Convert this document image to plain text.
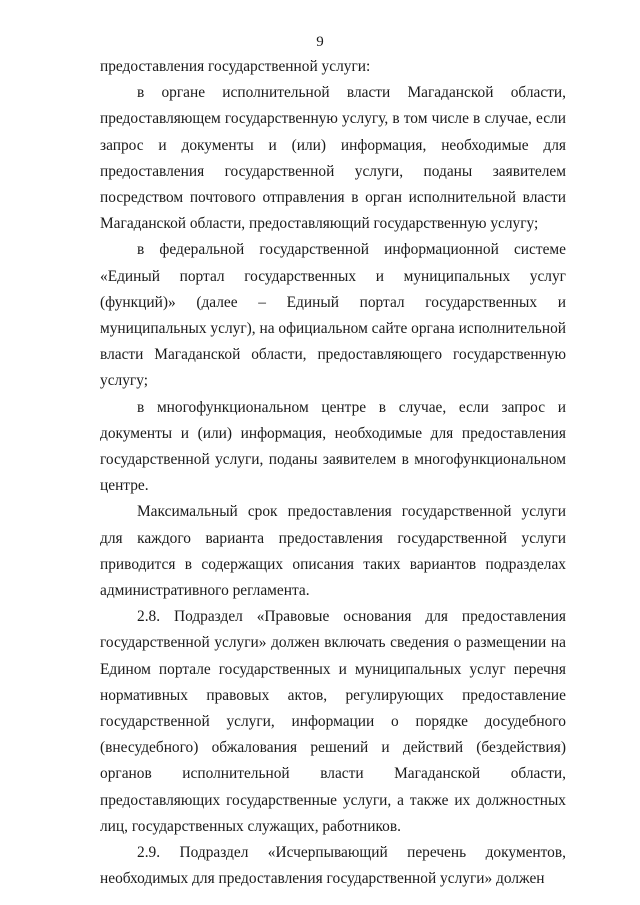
9

предоставления государственной услуги:

в органе исполнительной власти Магаданской области, предоставляющем государственную услугу, в том числе в случае, если запрос и документы и (или) информация, необходимые для предоставления государственной услуги, поданы заявителем посредством почтового отправления в орган исполнительной власти Магаданской области, предоставляющий государственную услугу;

в федеральной государственной информационной системе «Единый портал государственных и муниципальных услуг (функций)» (далее – Единый портал государственных и муниципальных услуг), на официальном сайте органа исполнительной власти Магаданской области, предоставляющего государственную услугу;

в многофункциональном центре в случае, если запрос и документы и (или) информация, необходимые для предоставления государственной услуги, поданы заявителем в многофункциональном центре.

Максимальный срок предоставления государственной услуги для каждого варианта предоставления государственной услуги приводится в содержащих описания таких вариантов подразделах административного регламента.

2.8. Подраздел «Правовые основания для предоставления государственной услуги» должен включать сведения о размещении на Едином портале государственных и муниципальных услуг перечня нормативных правовых актов, регулирующих предоставление государственной услуги, информации о порядке досудебного (внесудебного) обжалования решений и действий (бездействия) органов исполнительной власти Магаданской области, предоставляющих государственные услуги, а также их должностных лиц, государственных служащих, работников.

2.9. Подраздел «Исчерпывающий перечень документов, необходимых для предоставления государственной услуги» должен
